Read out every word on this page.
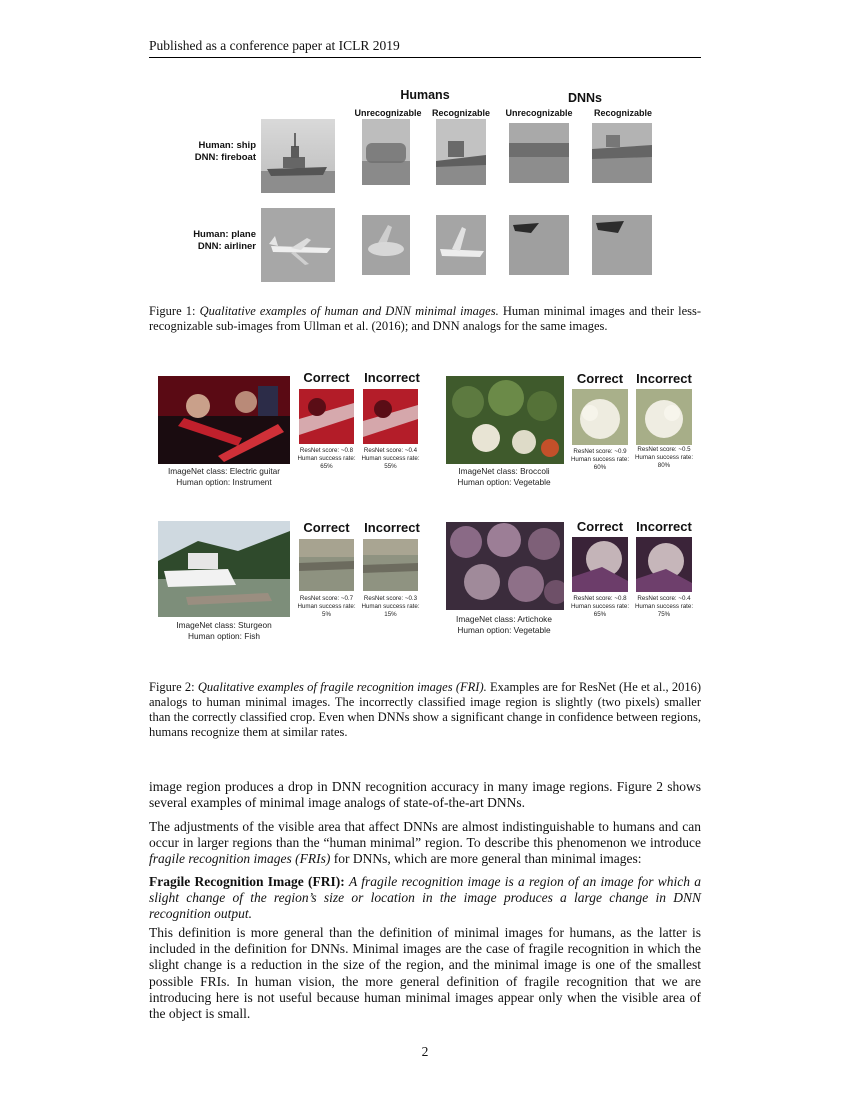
Published as a conference paper at ICLR 2019
Humans	DNNs
Unrecognizable	Recognizable	Unrecognizable	Recognizable
Human: ship
DNN: fireboat
Human: plane
DNN: airliner
Figure 1: Qualitative examples of human and DNN minimal images. Human minimal images and their less-recognizable sub-images from Ullman et al. (2016); and DNN analogs for the same images.
Correct	Incorrect
ResNet score: ~0.8
Human success rate: 65%
ResNet score: ~0.4
Human success rate: 55%
ImageNet class: Electric guitar
Human option: Instrument
Correct	Incorrect
ResNet score: ~0.9
Human success rate: 60%
ResNet score: ~0.5
Human success rate: 80%
ImageNet class: Broccoli
Human option: Vegetable
Correct	Incorrect
ResNet score: ~0.7
Human success rate: 5%
ResNet score: ~0.3
Human success rate: 15%
ImageNet class: Sturgeon
Human option: Fish
Correct	Incorrect
ResNet score: ~0.8
Human success rate: 65%
ResNet score: ~0.4
Human success rate: 75%
ImageNet class: Artichoke
Human option: Vegetable
Figure 2: Qualitative examples of fragile recognition images (FRI). Examples are for ResNet (He et al., 2016) analogs to human minimal images. The incorrectly classified image region is slightly (two pixels) smaller than the correctly classified crop. Even when DNNs show a significant change in confidence between regions, humans recognize them at similar rates.
image region produces a drop in DNN recognition accuracy in many image regions. Figure 2 shows several examples of minimal image analogs of state-of-the-art DNNs.
The adjustments of the visible area that affect DNNs are almost indistinguishable to humans and can occur in larger regions than the “human minimal” region. To describe this phenomenon we introduce fragile recognition images (FRIs) for DNNs, which are more general than minimal images:
Fragile Recognition Image (FRI): A fragile recognition image is a region of an image for which a slight change of the region’s size or location in the image produces a large change in DNN recognition output.
This definition is more general than the definition of minimal images for humans, as the latter is included in the definition for DNNs. Minimal images are the case of fragile recognition in which the slight change is a reduction in the size of the region, and the minimal image is one of the smallest possible FRIs. In human vision, the more general definition of fragile recognition that we are introducing here is not useful because human minimal images appear only when the visible area of the object is small.
2
